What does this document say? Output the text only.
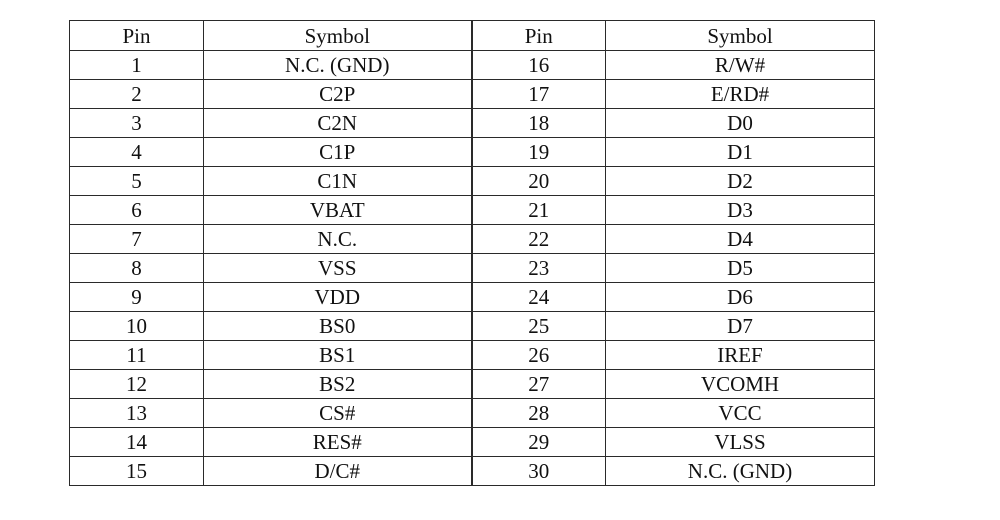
Pin	Symbol	Pin	Symbol
1	N.C. (GND)	16	R/W#
2	C2P	17	E/RD#
3	C2N	18	D0
4	C1P	19	D1
5	C1N	20	D2
6	VBAT	21	D3
7	N.C.	22	D4
8	VSS	23	D5
9	VDD	24	D6
10	BS0	25	D7
11	BS1	26	IREF
12	BS2	27	VCOMH
13	CS#	28	VCC
14	RES#	29	VLSS
15	D/C#	30	N.C. (GND)
